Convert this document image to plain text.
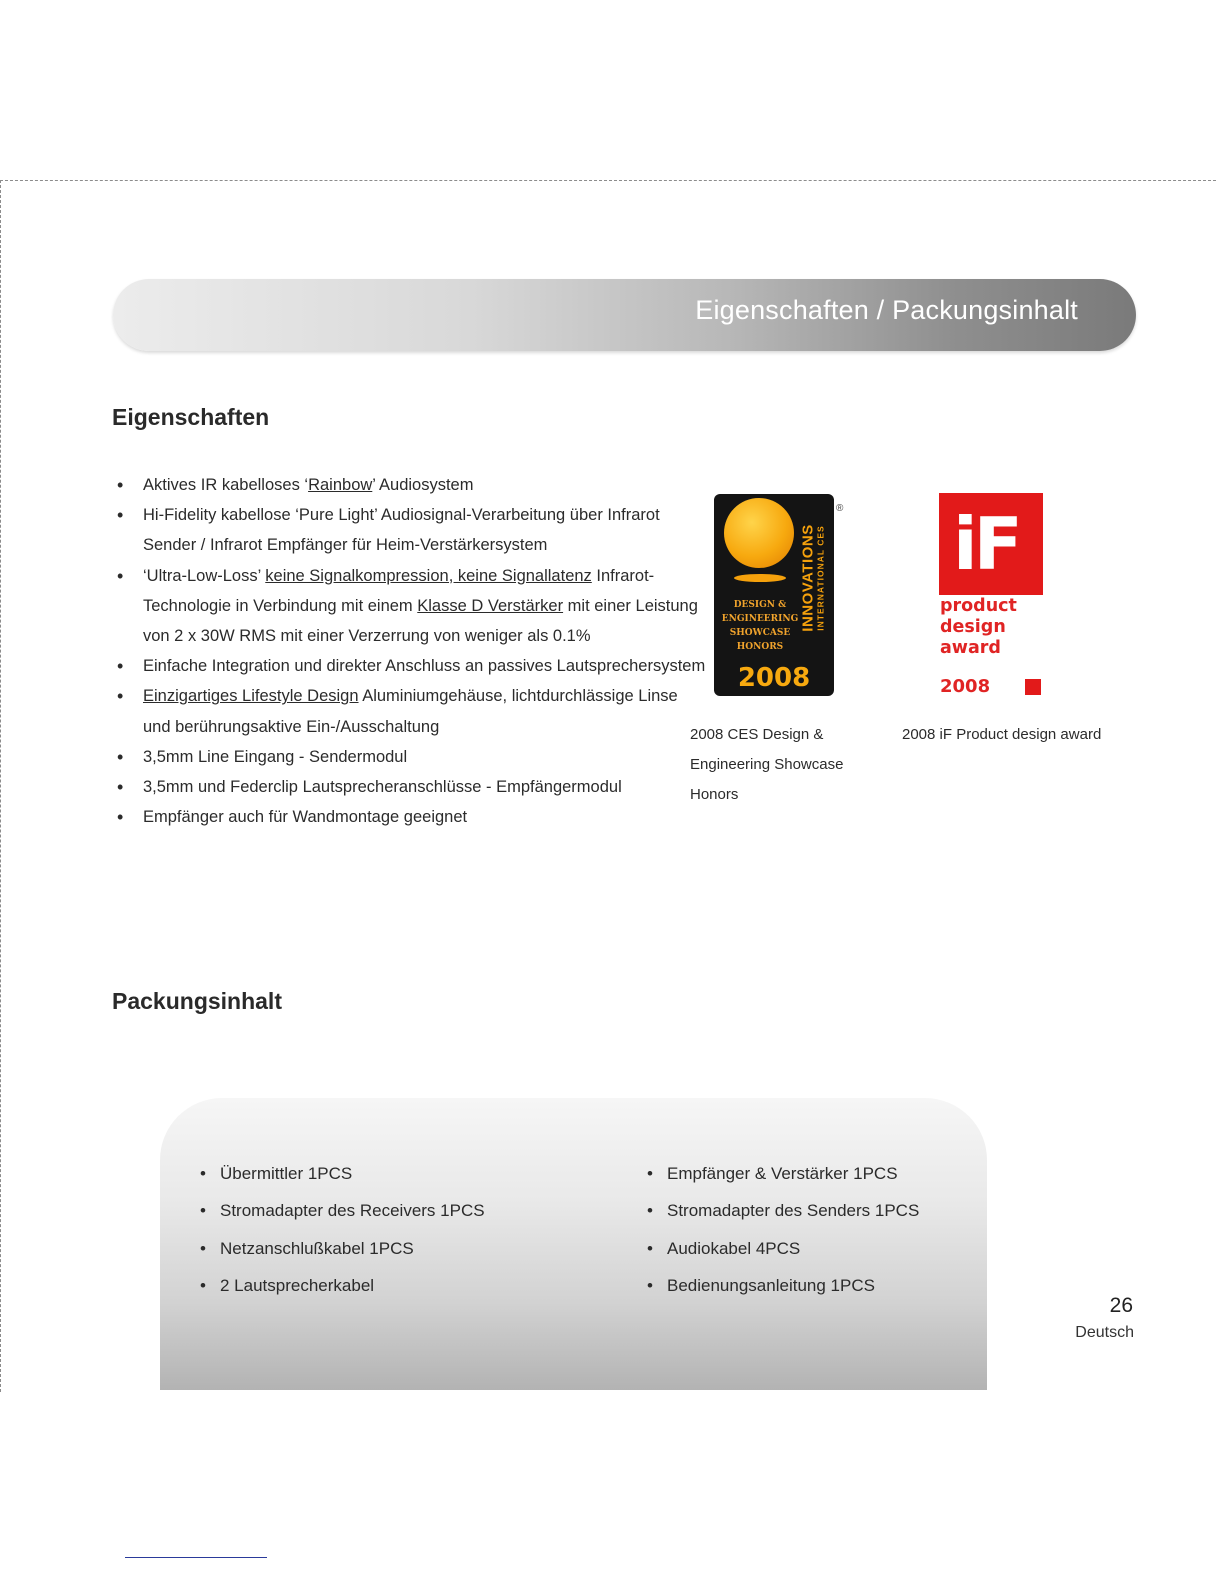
Eigenschaften / Packungsinhalt
Eigenschaften
• Aktives IR kabelloses ‘Rainbow’ Audiosystem
• Hi-Fidelity kabellose ‘Pure Light’ Audiosignal-Verarbeitung über Infrarot Sender / Infrarot Empfänger für Heim-Verstärkersystem
• ‘Ultra-Low-Loss’ keine Signalkompression, keine Signallatenz Infrarot-Technologie in Verbindung mit einem Klasse D Verstärker mit einer Leistung von 2 x 30W RMS mit einer Verzerrung von weniger als 0.1%
• Einfache Integration und direkter Anschluss an passives Lautsprechersystem
• Einzigartiges Lifestyle Design Aluminiumgehäuse, lichtdurchlässige Linse und berührungsaktive Ein-/Ausschaltung
• 3,5mm Line Eingang - Sendermodul
• 3,5mm und Federclip Lautsprecheranschlüsse - Empfängermodul
• Empfänger auch für Wandmontage geeignet
INNOVATIONS INTERNATIONAL CES
DESIGN &
ENGINEERING
SHOWCASE
HONORS
2008
® iF
product
design
award
2008
2008 CES Design &
Engineering Showcase Honors
2008 iF Product design award
Packungsinhalt
• Übermittler 1PCS
• Stromadapter des Receivers 1PCS
• Netzanschlußkabel 1PCS
• 2 Lautsprecherkabel
• Empfänger & Verstärker 1PCS
• Stromadapter des Senders 1PCS
• Audiokabel 4PCS
• Bedienungsanleitung 1PCS
26
Deutsch
